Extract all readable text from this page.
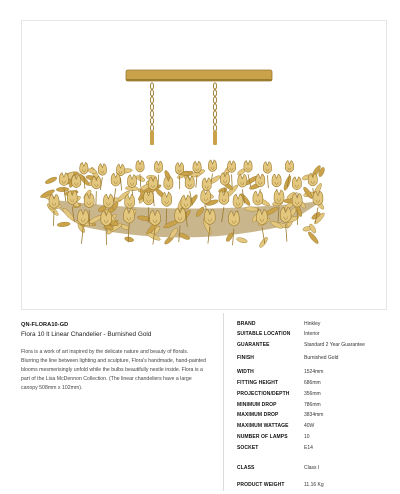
QN-FLORA10-GD
Flora 10 lt Linear Chandelier - Burnished Gold
Flora is a work of art inspired by the delicate nature and beauty of florals. Blurring the line between lighting and sculpture, Flora's handmade, hand-painted blooms mesmerisingly unfold while the bulbs beautifully nestle inside. Flora is a part of the Lisa McDennon Collection. (The linear chandeliers have a large canopy 508mm x 102mm).
BRAND	Hinkley
SUITABLE LOCATION	Interior
GUARANTEE	Standard 2 Year Guarantee
FINISH	Burnished Gold
WIDTH	1524mm
FITTING HEIGHT	686mm
PROJECTION/DEPTH	356mm
MINIMUM DROP	786mm
MAXIMUM DROP	3834mm
MAXIMUM WATTAGE	40W
NUMBER OF LAMPS	10
SOCKET	E14
CLASS	Class I
PRODUCT WEIGHT	11.16 Kg
